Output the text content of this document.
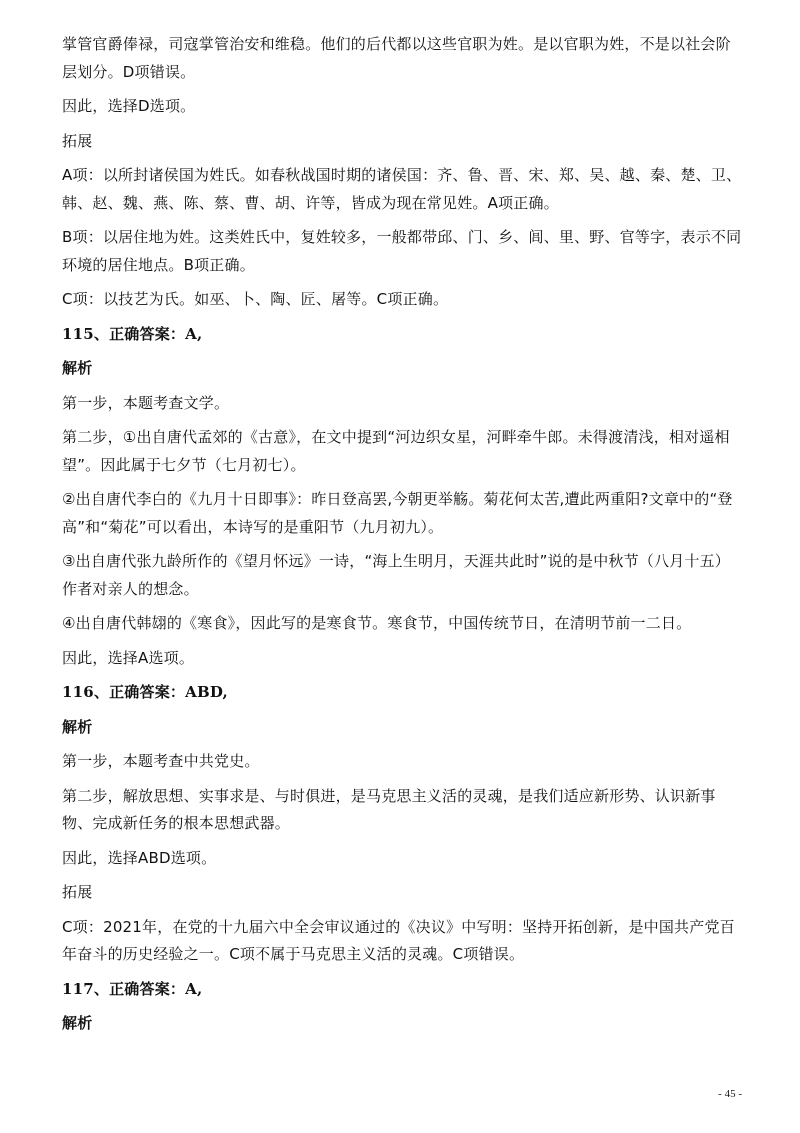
掌管官爵俸禄，司寇掌管治安和维稳。他们的后代都以这些官职为姓。是以官职为姓，不是以社会阶层划分。D项错误。

因此，选择D选项。

拓展

A项：以所封诸侯国为姓氏。如春秋战国时期的诸侯国：齐、鲁、晋、宋、郑、吴、越、秦、楚、卫、韩、赵、魏、燕、陈、蔡、曹、胡、许等，皆成为现在常见姓。A项正确。

B项：以居住地为姓。这类姓氏中，复姓较多，一般都带邱、门、乡、闾、里、野、官等字，表示不同环境的居住地点。B项正确。

C项：以技艺为氏。如巫、卜、陶、匠、屠等。C项正确。

115、正确答案：A,

解析

第一步，本题考查文学。

第二步，①出自唐代孟郊的《古意》，在文中提到“河边织女星，河畔牵牛郎。未得渡清浅，相对遥相望”。因此属于七夕节（七月初七）。

②出自唐代李白的《九月十日即事》：昨日登高罢,今朝更举觞。菊花何太苦,遭此两重阳?文章中的“登高”和“菊花”可以看出，本诗写的是重阳节（九月初九）。

③出自唐代张九龄所作的《望月怀远》一诗，“海上生明月，天涯共此时”说的是中秋节（八月十五）作者对亲人的想念。

④出自唐代韩翃的《寒食》，因此写的是寒食节。寒食节，中国传统节日，在清明节前一二日。

因此，选择A选项。

116、正确答案：ABD,

解析

第一步，本题考查中共党史。

第二步，解放思想、实事求是、与时俱进，是马克思主义活的灵魂，是我们适应新形势、认识新事物、完成新任务的根本思想武器。

因此，选择ABD选项。

拓展

C项：2021年，在党的十九届六中全会审议通过的《决议》中写明：坚持开拓创新，是中国共产党百年奋斗的历史经验之一。C项不属于马克思主义活的灵魂。C项错误。

117、正确答案：A,

解析

- 45 -
